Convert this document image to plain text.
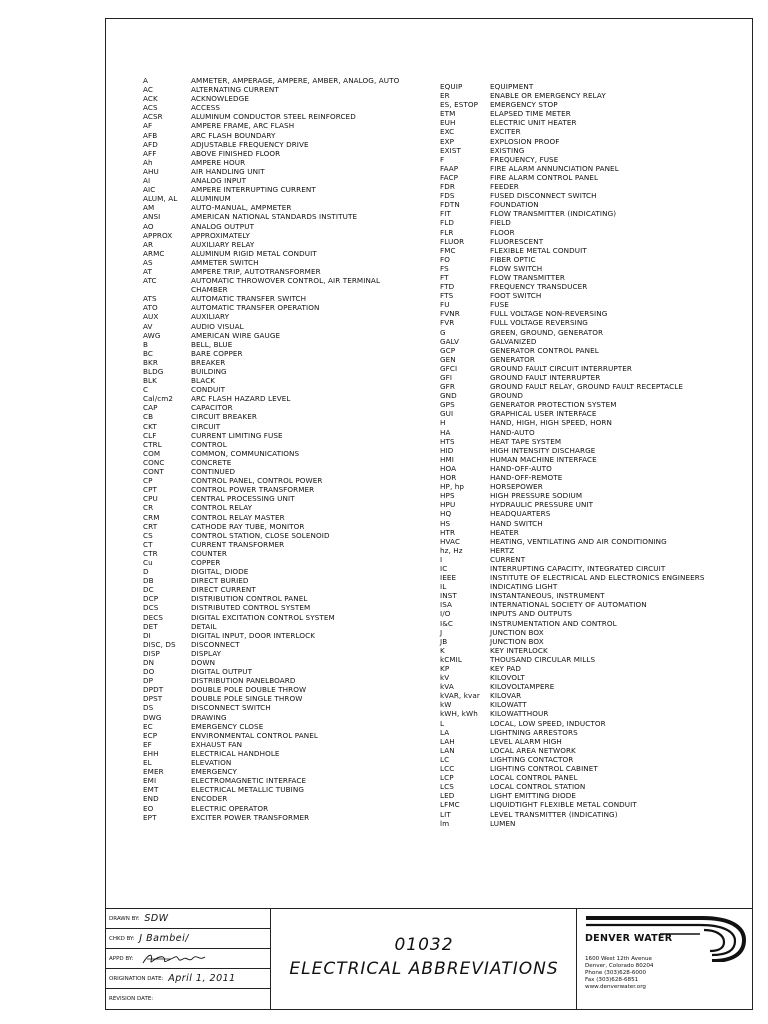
A	AMMETER, AMPERAGE, AMPERE, AMBER, ANALOG, AUTO
AC	ALTERNATING CURRENT
ACK	ACKNOWLEDGE
ACS	ACCESS
ACSR	ALUMINUM CONDUCTOR STEEL REINFORCED
AF	AMPERE FRAME, ARC FLASH
AFB	ARC FLASH BOUNDARY
AFD	ADJUSTABLE FREQUENCY DRIVE
AFF	ABOVE FINISHED FLOOR
Ah	AMPERE HOUR
AHU	AIR HANDLING UNIT
AI	ANALOG INPUT
AIC	AMPERE INTERRUPTING CURRENT
ALUM, AL	ALUMINUM
AM	AUTO-MANUAL, AMPMETER
ANSI	AMERICAN NATIONAL STANDARDS INSTITUTE
AO	ANALOG OUTPUT
APPROX	APPROXIMATELY
AR	AUXILIARY RELAY
ARMC	ALUMINUM RIGID METAL CONDUIT
AS	AMMETER SWITCH
AT	AMPERE TRIP, AUTOTRANSFORMER
ATC	AUTOMATIC THROWOVER CONTROL, AIR TERMINAL CHAMBER
ATS	AUTOMATIC TRANSFER SWITCH
ATO	AUTOMATIC TRANSFER OPERATION
AUX	AUXILIARY
AV	AUDIO VISUAL
AWG	AMERICAN WIRE GAUGE
B	BELL, BLUE
BC	BARE COPPER
BKR	BREAKER
BLDG	BUILDING
BLK	BLACK
C	CONDUIT
Cal/cm2	ARC FLASH HAZARD LEVEL
CAP	CAPACITOR
CB	CIRCUIT BREAKER
CKT	CIRCUIT
CLF	CURRENT LIMITING FUSE
CTRL	CONTROL
COM	COMMON, COMMUNICATIONS
CONC	CONCRETE
CONT	CONTINUED
CP	CONTROL PANEL, CONTROL POWER
CPT	CONTROL POWER TRANSFORMER
CPU	CENTRAL PROCESSING UNIT
CR	CONTROL RELAY
CRM	CONTROL RELAY MASTER
CRT	CATHODE RAY TUBE, MONITOR
CS	CONTROL STATION, CLOSE SOLENOID
CT	CURRENT TRANSFORMER
CTR	COUNTER
Cu	COPPER
D	DIGITAL, DIODE
DB	DIRECT BURIED
DC	DIRECT CURRENT
DCP	DISTRIBUTION CONTROL PANEL
DCS	DISTRIBUTED CONTROL SYSTEM
DECS	DIGITAL EXCITATION CONTROL SYSTEM
DET	DETAIL
DI	DIGITAL INPUT, DOOR INTERLOCK
DISC, DS	DISCONNECT
DISP	DISPLAY
DN	DOWN
DO	DIGITAL OUTPUT
DP	DISTRIBUTION PANELBOARD
DPDT	DOUBLE POLE DOUBLE THROW
DPST	DOUBLE POLE SINGLE THROW
DS	DISCONNECT SWITCH
DWG	DRAWING
EC	EMERGENCY CLOSE
ECP	ENVIRONMENTAL CONTROL PANEL
EF	EXHAUST FAN
EHH	ELECTRICAL HANDHOLE
EL	ELEVATION
EMER	EMERGENCY
EMI	ELECTROMAGNETIC INTERFACE
EMT	ELECTRICAL METALLIC TUBING
END	ENCODER
EO	ELECTRIC OPERATOR
EPT	EXCITER POWER TRANSFORMER
EQUIP	EQUIPMENT
ER	ENABLE OR EMERGENCY RELAY
ES, ESTOP	EMERGENCY STOP
ETM	ELAPSED TIME METER
EUH	ELECTRIC UNIT HEATER
EXC	EXCITER
EXP	EXPLOSION PROOF
EXIST	EXISTING
F	FREQUENCY, FUSE
FAAP	FIRE ALARM ANNUNCIATION PANEL
FACP	FIRE ALARM CONTROL PANEL
FDR	FEEDER
FDS	FUSED DISCONNECT SWITCH
FDTN	FOUNDATION
FIT	FLOW TRANSMITTER (INDICATING)
FLD	FIELD
FLR	FLOOR
FLUOR	FLUORESCENT
FMC	FLEXIBLE METAL CONDUIT
FO	FIBER OPTIC
FS	FLOW SWITCH
FT	FLOW TRANSMITTER
FTD	FREQUENCY TRANSDUCER
FTS	FOOT SWITCH
FU	FUSE
FVNR	FULL VOLTAGE NON-REVERSING
FVR	FULL VOLTAGE REVERSING
G	GREEN, GROUND, GENERATOR
GALV	GALVANIZED
GCP	GENERATOR CONTROL PANEL
GEN	GENERATOR
GFCI	GROUND FAULT CIRCUIT INTERRUPTER
GFI	GROUND FAULT INTERRUPTER
GFR	GROUND FAULT RELAY, GROUND FAULT RECEPTACLE
GND	GROUND
GPS	GENERATOR PROTECTION SYSTEM
GUI	GRAPHICAL USER INTERFACE
H	HAND, HIGH, HIGH SPEED, HORN
HA	HAND-AUTO
HTS	HEAT TAPE SYSTEM
HID	HIGH INTENSITY DISCHARGE
HMI	HUMAN MACHINE INTERFACE
HOA	HAND-OFF-AUTO
HOR	HAND-OFF-REMOTE
HP, hp	HORSEPOWER
HPS	HIGH PRESSURE SODIUM
HPU	HYDRAULIC PRESSURE UNIT
HQ	HEADQUARTERS
HS	HAND SWITCH
HTR	HEATER
HVAC	HEATING, VENTILATING AND AIR CONDITIONING
hz, Hz	HERTZ
I	CURRENT
IC	INTERRUPTING CAPACITY, INTEGRATED CIRCUIT
IEEE	INSTITUTE OF ELECTRICAL AND ELECTRONICS ENGINEERS
IL	INDICATING LIGHT
INST	INSTANTANEOUS, INSTRUMENT
ISA	INTERNATIONAL SOCIETY OF AUTOMATION
I/O	INPUTS AND OUTPUTS
I&C	INSTRUMENTATION AND CONTROL
J	JUNCTION BOX
JB	JUNCTION BOX
K	KEY INTERLOCK
kCMIL	THOUSAND CIRCULAR MILLS
KP	KEY PAD
kV	KILOVOLT
kVA	KILOVOLTAMPERE
kVAR, kvar	KILOVAR
kW	KILOWATT
kWH, kWh	KILOWATTHOUR
L	LOCAL, LOW SPEED, INDUCTOR
LA	LIGHTNING ARRESTORS
LAH	LEVEL ALARM HIGH
LAN	LOCAL AREA NETWORK
LC	LIGHTING CONTACTOR
LCC	LIGHTING CONTROL CABINET
LCP	LOCAL CONTROL PANEL
LCS	LOCAL CONTROL STATION
LED	LIGHT EMITTING DIODE
LFMC	LIQUIDTIGHT FLEXIBLE METAL CONDUIT
LIT	LEVEL TRANSMITTER (INDICATING)
lm	LUMEN
DRAWN BY: SDW
CHKD BY: J Bambei/
APPD BY:
ORIGINATION DATE: April 1, 2011
REVISION DATE:
01032
ELECTRICAL ABBREVIATIONS
DENVER WATER
1600 West 12th Avenue
Denver, Colorado 80204
Phone (303)628-6000
Fax (303)628-6851
www.denverwater.org
